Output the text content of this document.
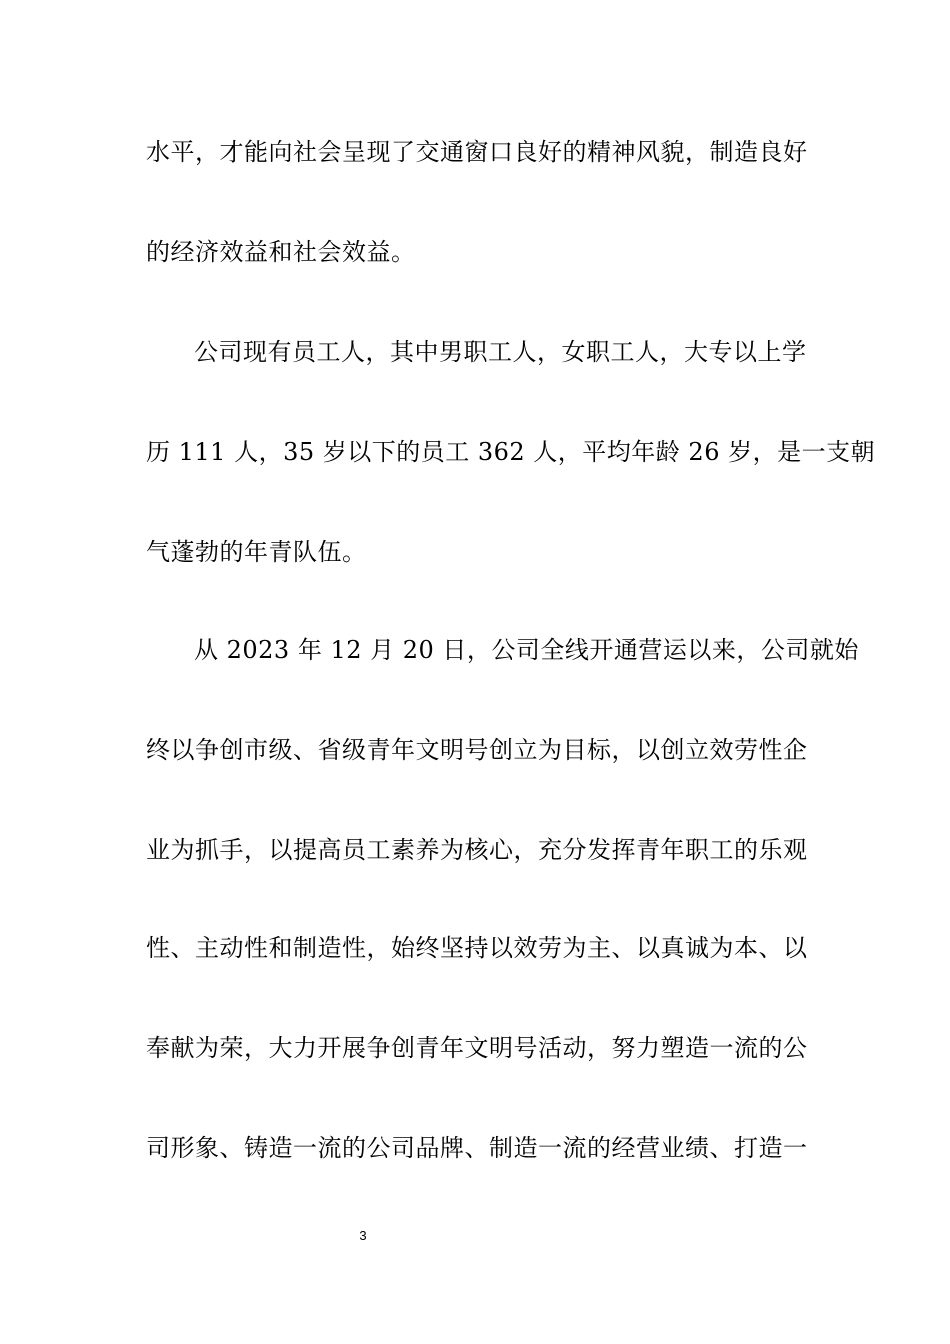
水平，才能向社会呈现了交通窗口良好的精神风貌，制造良好
的经济效益和社会效益。
公司现有员工人，其中男职工人，女职工人，大专以上学
历 111 人，35 岁以下的员工 362 人，平均年龄 26 岁，是一支朝
气蓬勃的年青队伍。
从 2023 年 12 月 20 日，公司全线开通营运以来，公司就始
终以争创市级、省级青年文明号创立为目标，以创立效劳性企
业为抓手，以提高员工素养为核心，充分发挥青年职工的乐观
性、主动性和制造性，始终坚持以效劳为主、以真诚为本、以
奉献为荣，大力开展争创青年文明号活动，努力塑造一流的公
司形象、铸造一流的公司品牌、制造一流的经营业绩、打造一
3
